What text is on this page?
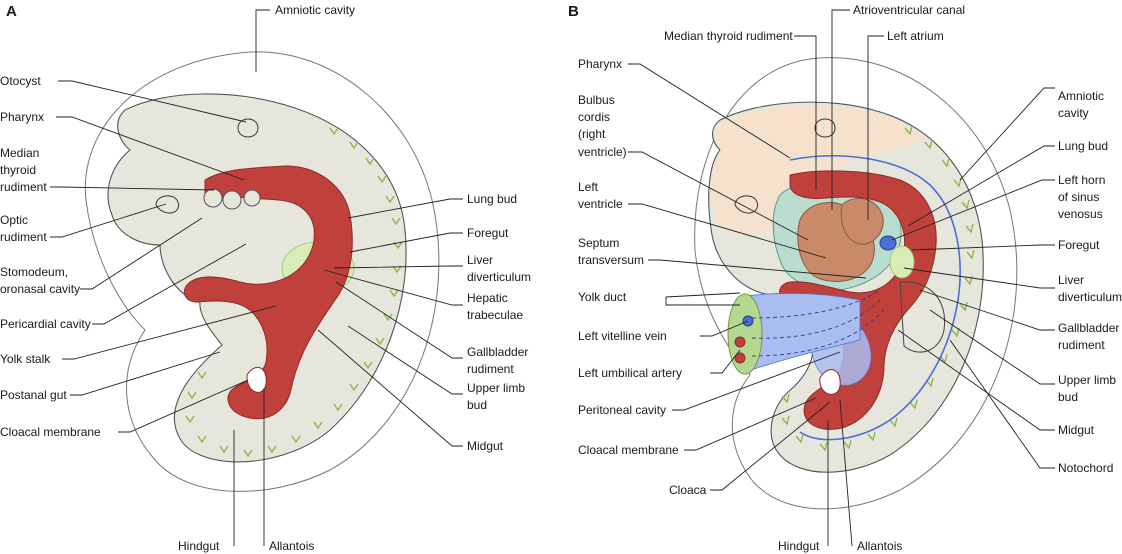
A	Amniotic cavity
Otocyst
Pharynx
Median
thyroid
rudiment
Optic
rudiment
Stomodeum,
oronasal cavity
Pericardial cavity
Yolk stalk
Postanal gut
Cloacal membrane
Hindgut	Allantois
Lung bud
Foregut
Liver
diverticulum
Hepatic
trabeculae
Gallbladder
rudiment
Upper limb
bud
Midgut
B	Atrioventricular canal
Median thyroid rudiment	Left atrium
Pharynx
Bulbus
cordis
(right
ventricle)
Left
ventricle
Septum
transversum
Yolk duct
Left vitelline vein
Left umbilical artery
Peritoneal cavity
Cloacal membrane
Cloaca
Hindgut	Allantois
Amniotic
cavity
Lung bud
Left horn
of sinus
venosus
Foregut
Liver
diverticulum
Gallbladder
rudiment
Upper limb
bud
Midgut
Notochord
